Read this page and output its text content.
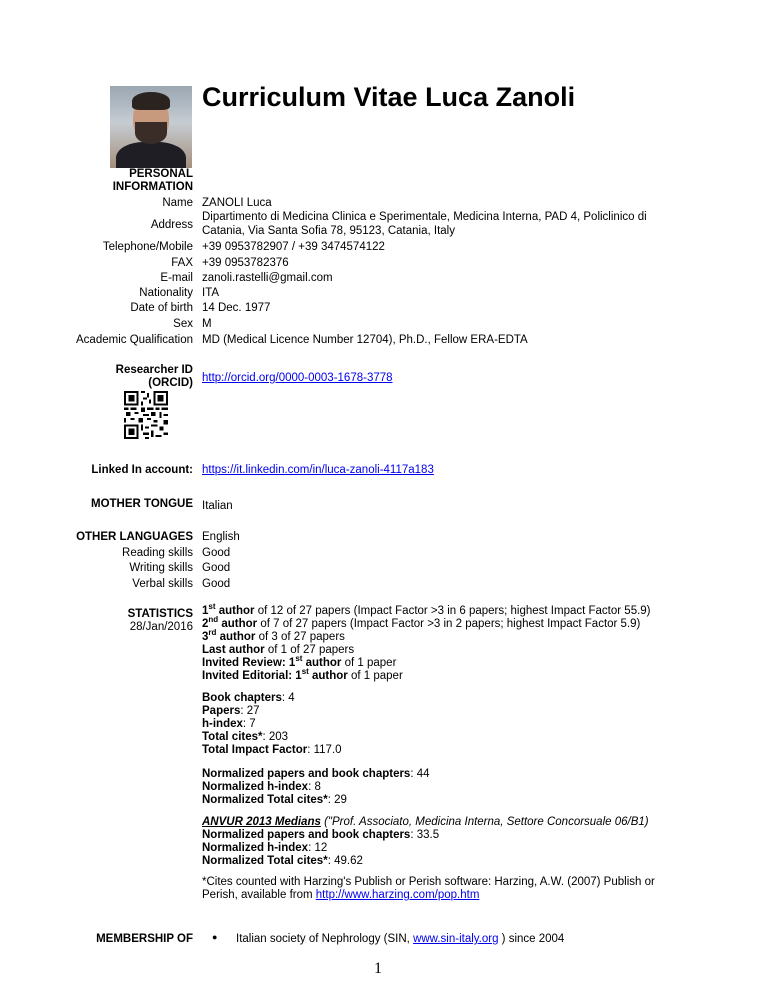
Curriculum Vitae Luca Zanoli
PERSONAL
INFORMATION
Name ZANOLI Luca
Address
Dipartimento di Medicina Clinica e Sperimentale, Medicina Interna, PAD 4, Policlinico di
Catania, Via Santa Sofia 78, 95123, Catania, Italy
Telephone/Mobile +39 0953782907 / +39 3474574122
FAX +39 0953782376
E-mail zanoli.rastelli@gmail.com
Nationality ITA
Date of birth 14 Dec. 1977
Sex M
Academic Qualification MD (Medical Licence Number 12704), Ph.D., Fellow ERA-EDTA
Researcher ID
(ORCID) http://orcid.org/0000-0003-1678-3778
Linked In account: https://it.linkedin.com/in/luca-zanoli-4117a183
MOTHER TONGUE Italian
OTHER LANGUAGES English
Reading skills Good
Writing skills Good
Verbal skills Good
STATISTICS
28/Jan/2016
1st author of 12 of 27 papers (Impact Factor >3 in 6 papers; highest Impact Factor 55.9)
2nd author of 7 of 27 papers (Impact Factor >3 in 2 papers; highest Impact Factor 5.9)
3rd author of 3 of 27 papers
Last author of 1 of 27 papers
Invited Review: 1st author of 1 paper
Invited Editorial: 1st author of 1 paper
Book chapters: 4
Papers: 27
h-index: 7
Total cites*: 203
Total Impact Factor: 117.0
Normalized papers and book chapters: 44
Normalized h-index: 8
Normalized Total cites*: 29
ANVUR 2013 Medians ("Prof. Associato, Medicina Interna, Settore Concorsuale 06/B1)
Normalized papers and book chapters: 33.5
Normalized h-index: 12
Normalized Total cites*: 49.62
*Cites counted with Harzing's Publish or Perish software: Harzing, A.W. (2007) Publish or
Perish, available from http://www.harzing.com/pop.htm
MEMBERSHIP OF ● Italian society of Nephrology (SIN, www.sin-italy.org ) since 2004
1
